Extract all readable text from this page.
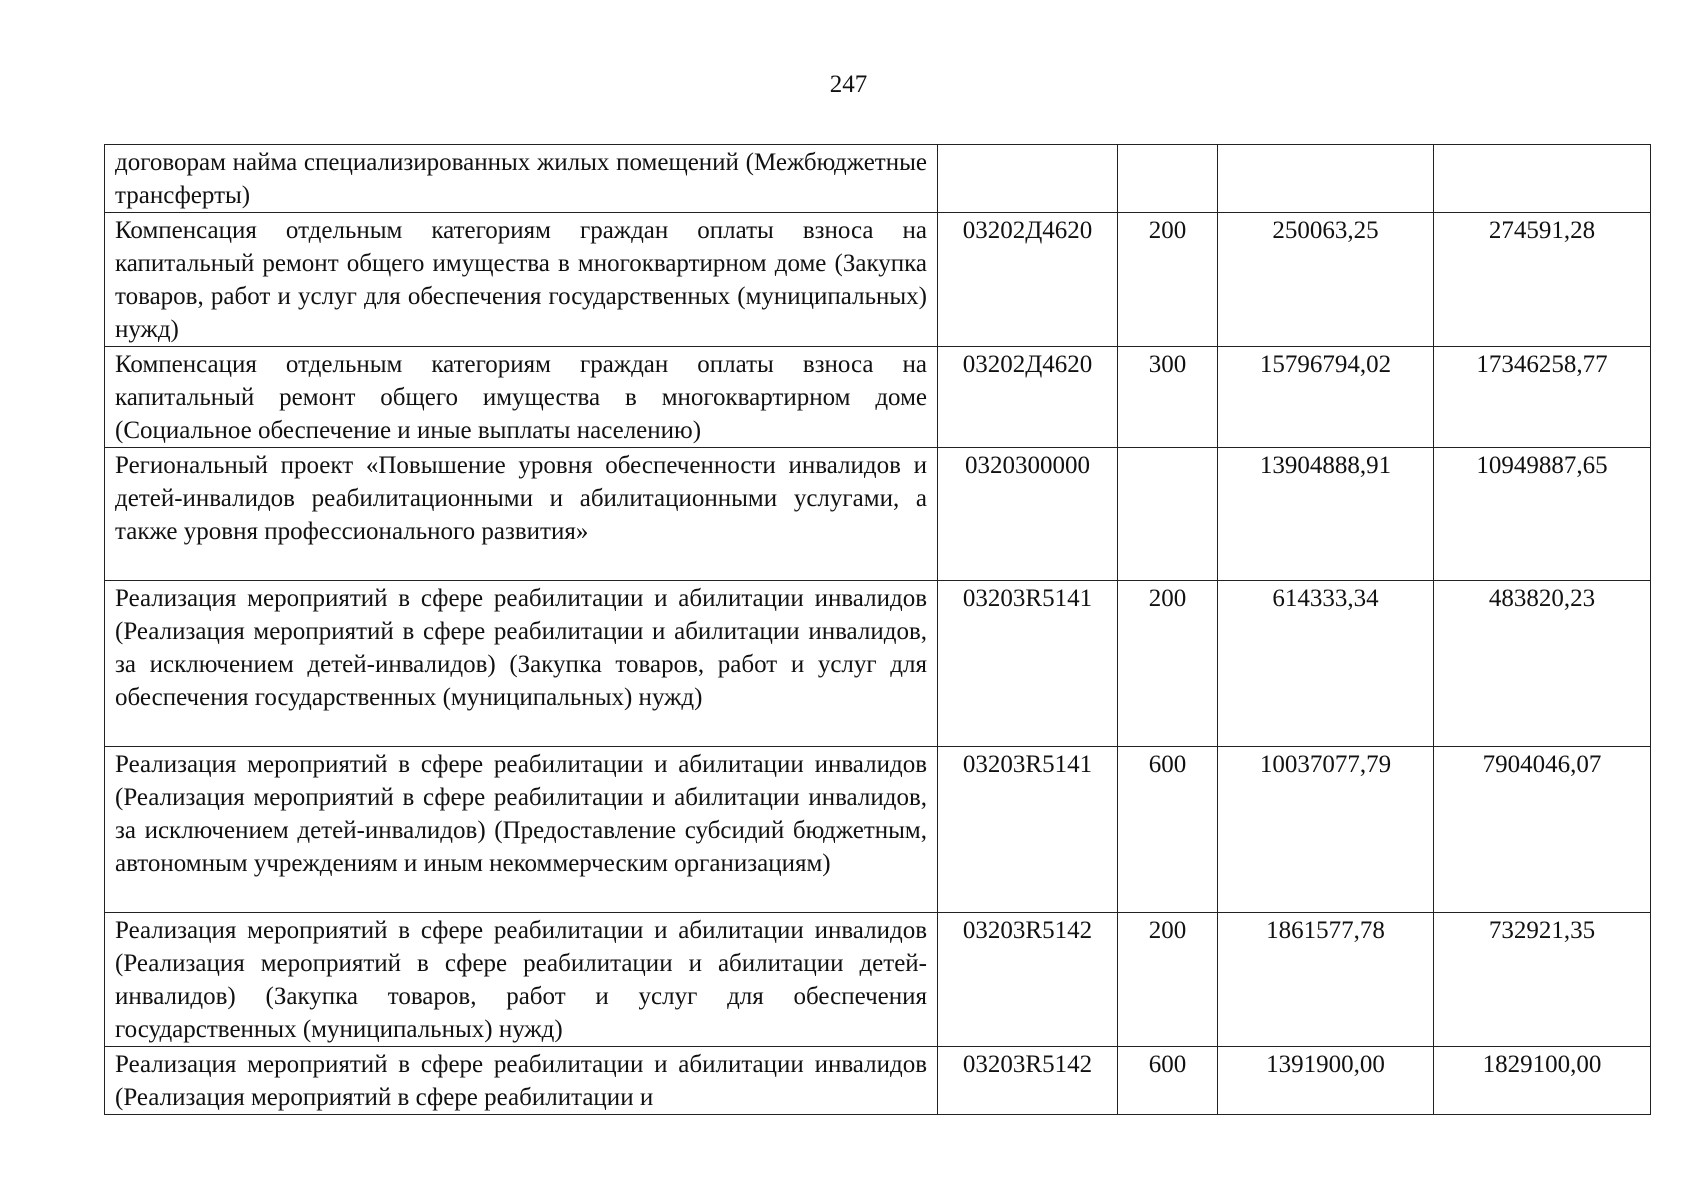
247
договорам найма специализированных жилых помещений (Межбюджетные трансферты)				
Компенсация отдельным категориям граждан оплаты взноса на капитальный ремонт общего имущества в многоквартирном доме (Закупка товаров, работ и услуг для обеспечения государственных (муниципальных) нужд)	03202Д4620	200	250063,25	274591,28
Компенсация отдельным категориям граждан оплаты взноса на капитальный ремонт общего имущества в многоквартирном доме (Социальное обеспечение и иные выплаты населению)	03202Д4620	300	15796794,02	17346258,77
Региональный проект «Повышение уровня обеспеченности инвалидов и детей-инвалидов реабилитационными и абилитационными услугами, а также уровня профессионального развития»	0320300000		13904888,91	10949887,65
Реализация мероприятий в сфере реабилитации и абилитации инвалидов (Реализация мероприятий в сфере реабилитации и абилитации инвалидов, за исключением детей-инвалидов) (Закупка товаров, работ и услуг для обеспечения государственных (муниципальных) нужд)	03203R5141	200	614333,34	483820,23
Реализация мероприятий в сфере реабилитации и абилитации инвалидов (Реализация мероприятий в сфере реабилитации и абилитации инвалидов, за исключением детей-инвалидов) (Предоставление субсидий бюджетным, автономным учреждениям и иным некоммерческим организациям)	03203R5141	600	10037077,79	7904046,07
Реализация мероприятий в сфере реабилитации и абилитации инвалидов (Реализация мероприятий в сфере реабилитации и абилитации детей-инвалидов) (Закупка товаров, работ и услуг для обеспечения государственных (муниципальных) нужд)	03203R5142	200	1861577,78	732921,35
Реализация мероприятий в сфере реабилитации и абилитации инвалидов (Реализация мероприятий в сфере реабилитации и	03203R5142	600	1391900,00	1829100,00
